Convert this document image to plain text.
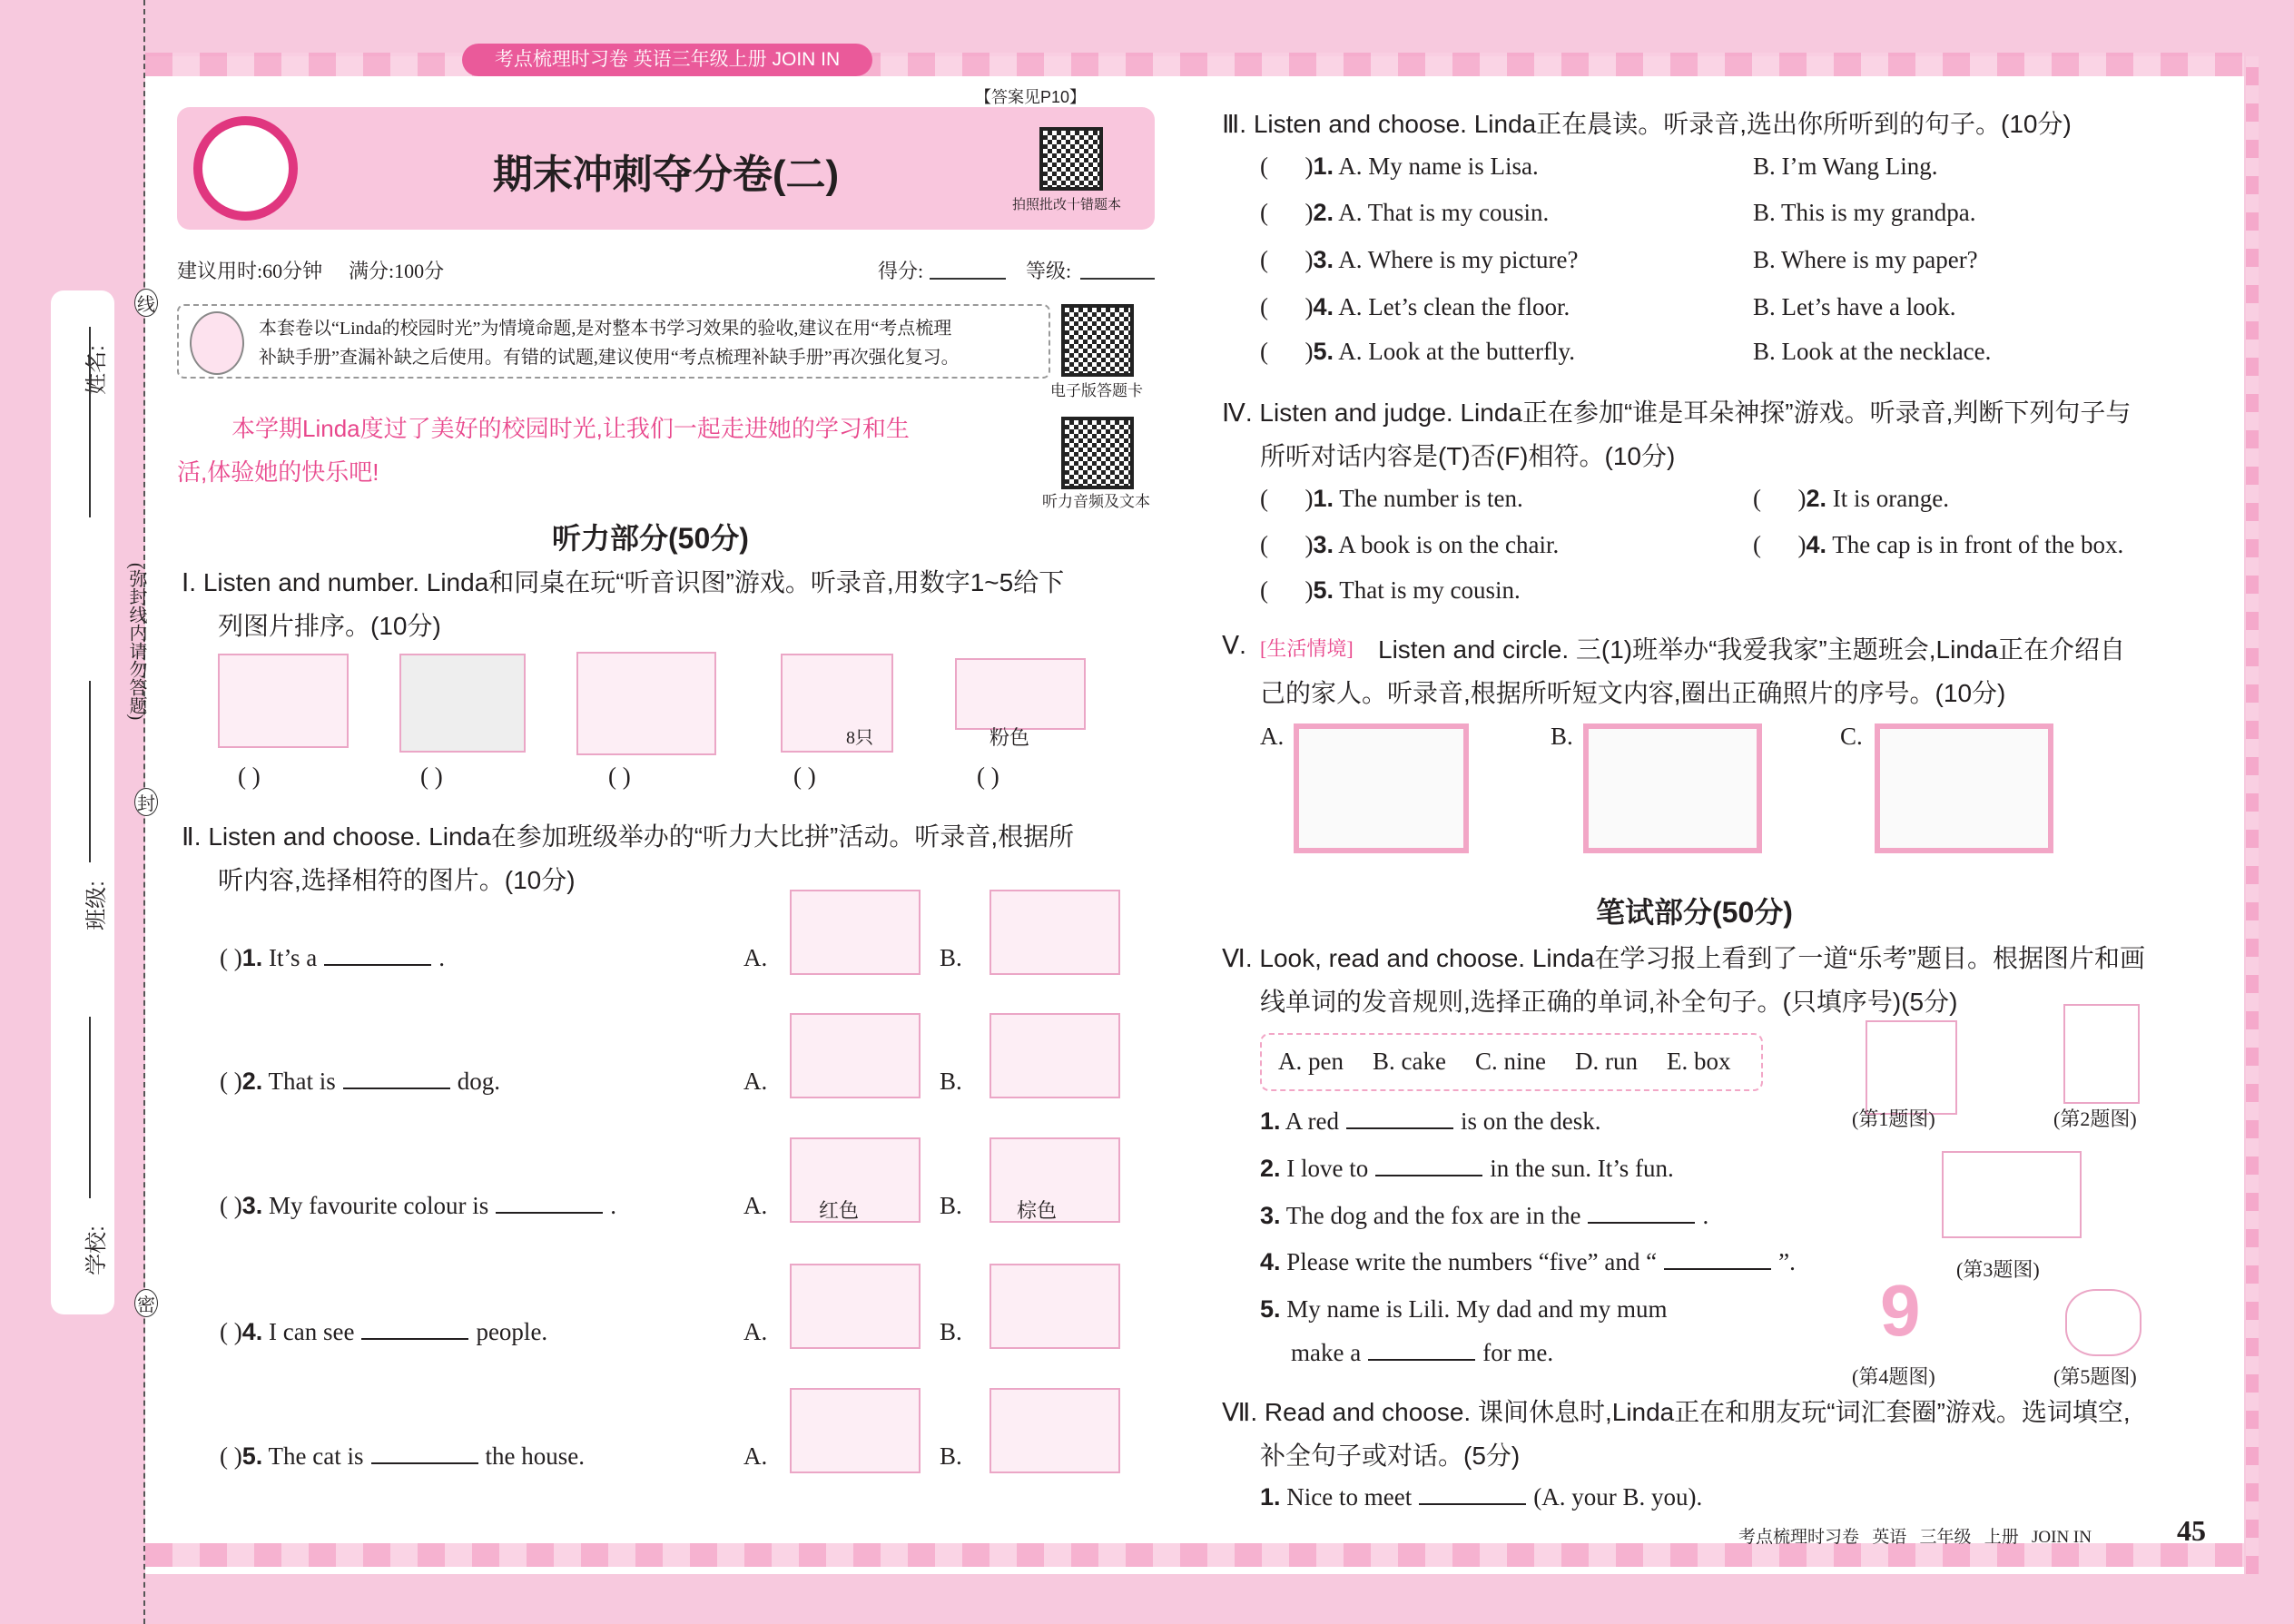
姓名:
班级:
学校:
(弥封线内请勿答题)
线
封
密
考点梳理时习卷 英语三年级上册 JOIN IN
【答案见P10】
期末冲刺夺分卷(二)
拍照批改十错题本
建议用时:60分钟 满分:100分	得分:	等级:
本套卷以“Linda的校园时光”为情境命题,是对整本书学习效果的验收,建议在用“考点梳理
补缺手册”查漏补缺之后使用。有错的试题,建议使用“考点梳理补缺手册”再次强化复习。
电子版答题卡
听力音频及文本
本学期Linda度过了美好的校园时光,让我们一起走进她的学习和生
活,体验她的快乐吧!
听力部分(50分)
Ⅰ. Listen and number. Linda和同桌在玩“听音识图”游戏。听录音,用数字1~5给下
列图片排序。(10分)
8只	粉色
( )	( )	( )	( )	( )
Ⅱ. Listen and choose. Linda在参加班级举办的“听力大比拼”活动。听录音,根据所
听内容,选择相符的图片。(10分)
Ⅲ. Listen and choose. Linda正在晨读。听录音,选出你所听到的句子。(10分)
Ⅳ. Listen and judge. Linda正在参加“谁是耳朵神探”游戏。听录音,判断下列句子与
所听对话内容是(T)否(F)相符。(10分)
Ⅴ. [生活情境] Listen and circle. 三(1)班举办“我爱我家”主题班会,Linda正在介绍自
己的家人。听录音,根据所听短文内容,圈出正确照片的序号。(10分)
A.	B.	C.
笔试部分(50分)
Ⅵ. Look, read and choose. Linda在学习报上看到了一道“乐考”题目。根据图片和画
线单词的发音规则,选择正确的单词,补全句子。(只填序号)(5分)
A. pen B. cake C. nine D. run E. box
9
(第1题图)	(第2题图)
(第3题图)
(第4题图)	(第5题图)
Ⅶ. Read and choose. 课间休息时,Linda正在和朋友玩“词汇套圈”游戏。选词填空,
补全句子或对话。(5分)
1. Nice to meet	(A. your B. you).
考点梳理时习卷   英语   三年级   上册   JOIN IN	45
( )1. It’s a	.	A.	B.
( )2. That is	dog.	A.	B.
( )3. My favourite colour is	.	A.	红色	B.	棕色
( )4. I can see	people.	A.	B.
( )5. The cat is	the house.	A.	B.
(      )1. A. My name is Lisa.	B. I’m Wang Ling.
(      )2. A. That is my cousin.	B. This is my grandpa.
(      )3. A. Where is my picture?	B. Where is my paper?
(      )4. A. Let’s clean the floor.	B. Let’s have a look.
(      )5. A. Look at the butterfly.	B. Look at the necklace.
(      )1. The number is ten.	(      )2. It is orange.
(      )3. A book is on the chair.	(      )4. The cap is in front of the box.
(      )5. That is my cousin.
1. A red	is on the desk.
2. I love to	in the sun. It’s fun.
3. The dog and the fox are in the	.
4. Please write the numbers “five” and “	”.
5. My name is Lili. My dad and my mum
make a	for me.
